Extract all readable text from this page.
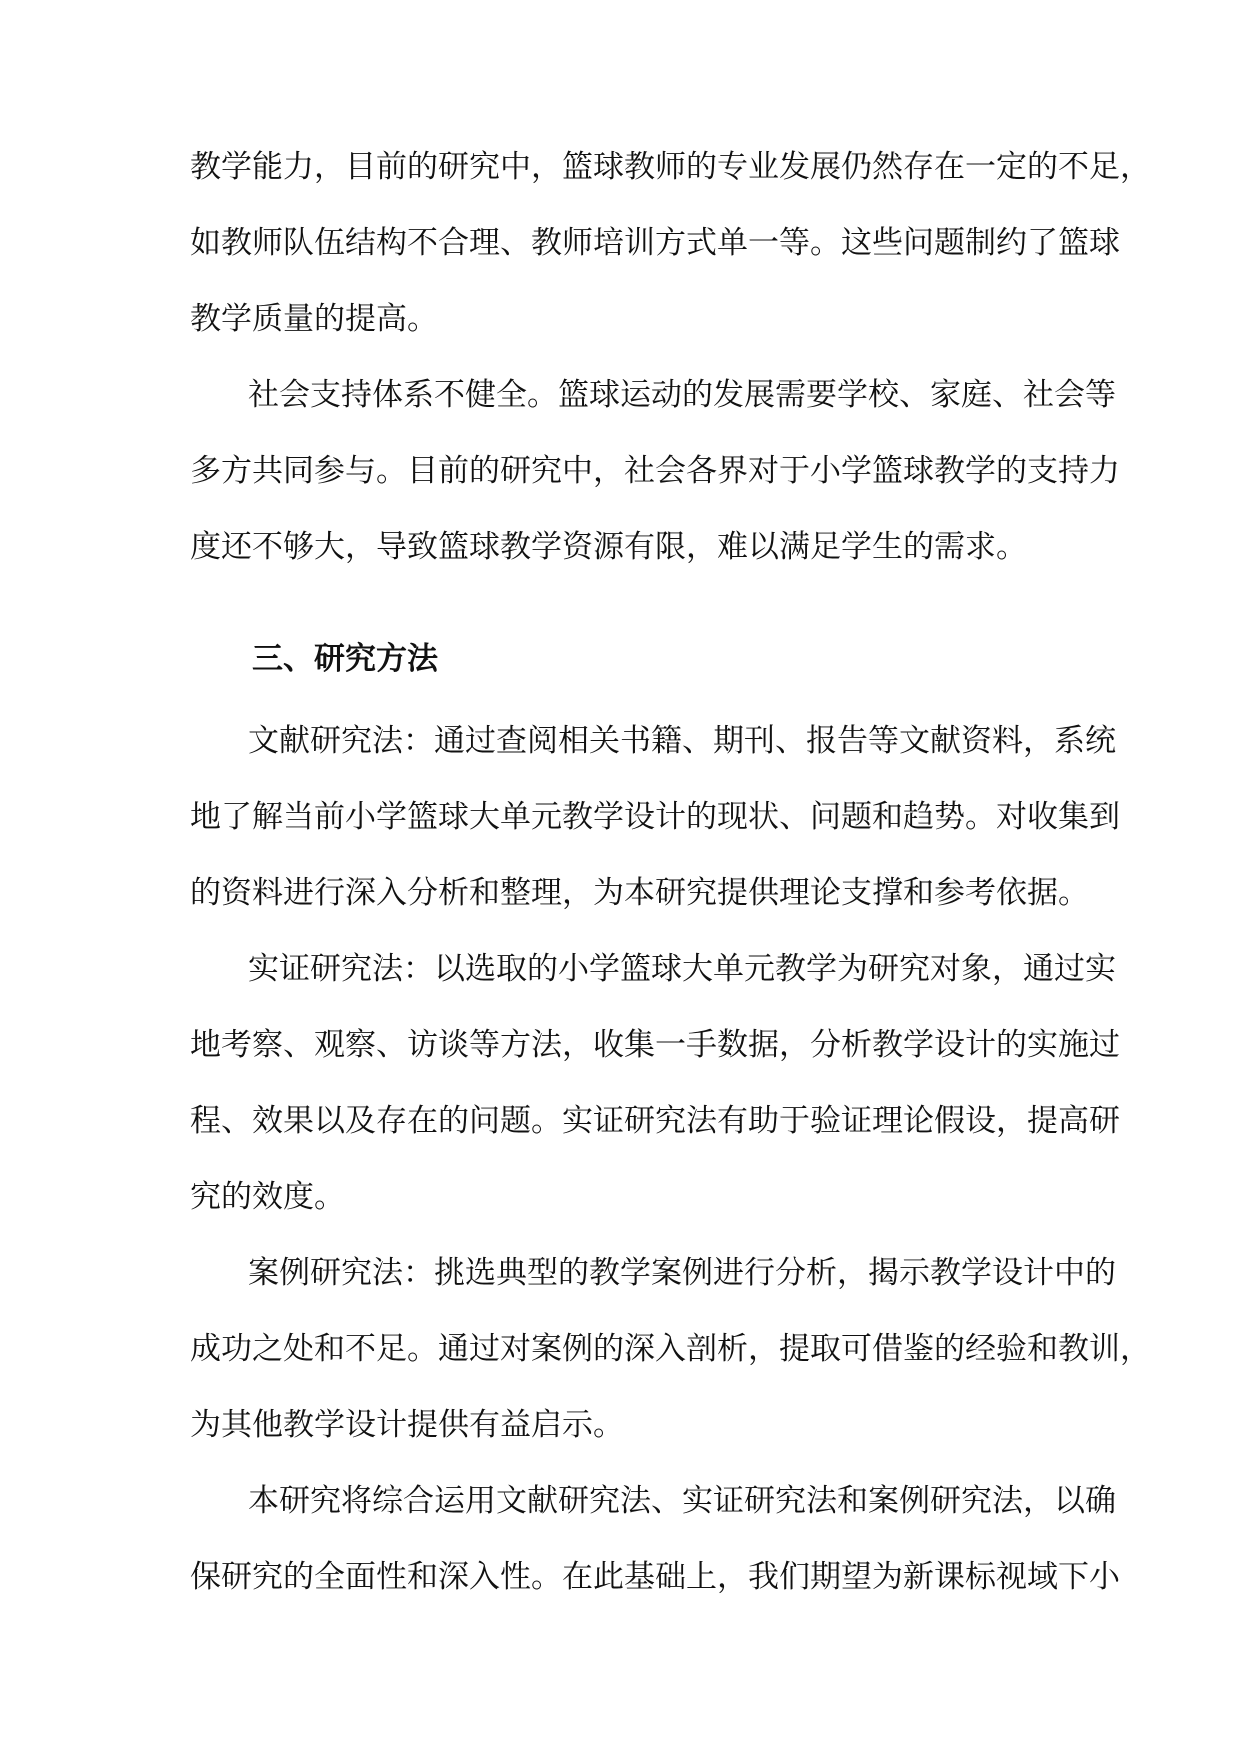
教学能力，目前的研究中，篮球教师的专业发展仍然存在一定的不足，
如教师队伍结构不合理、教师培训方式单一等。这些问题制约了篮球
教学质量的提高。
社会支持体系不健全。篮球运动的发展需要学校、家庭、社会等
多方共同参与。目前的研究中，社会各界对于小学篮球教学的支持力
度还不够大，导致篮球教学资源有限，难以满足学生的需求。
三、研究方法
文献研究法：通过查阅相关书籍、期刊、报告等文献资料，系统
地了解当前小学篮球大单元教学设计的现状、问题和趋势。对收集到
的资料进行深入分析和整理，为本研究提供理论支撑和参考依据。
实证研究法：以选取的小学篮球大单元教学为研究对象，通过实
地考察、观察、访谈等方法，收集一手数据，分析教学设计的实施过
程、效果以及存在的问题。实证研究法有助于验证理论假设，提高研
究的效度。
案例研究法：挑选典型的教学案例进行分析，揭示教学设计中的
成功之处和不足。通过对案例的深入剖析，提取可借鉴的经验和教训，
为其他教学设计提供有益启示。
本研究将综合运用文献研究法、实证研究法和案例研究法，以确
保研究的全面性和深入性。在此基础上，我们期望为新课标视域下小
